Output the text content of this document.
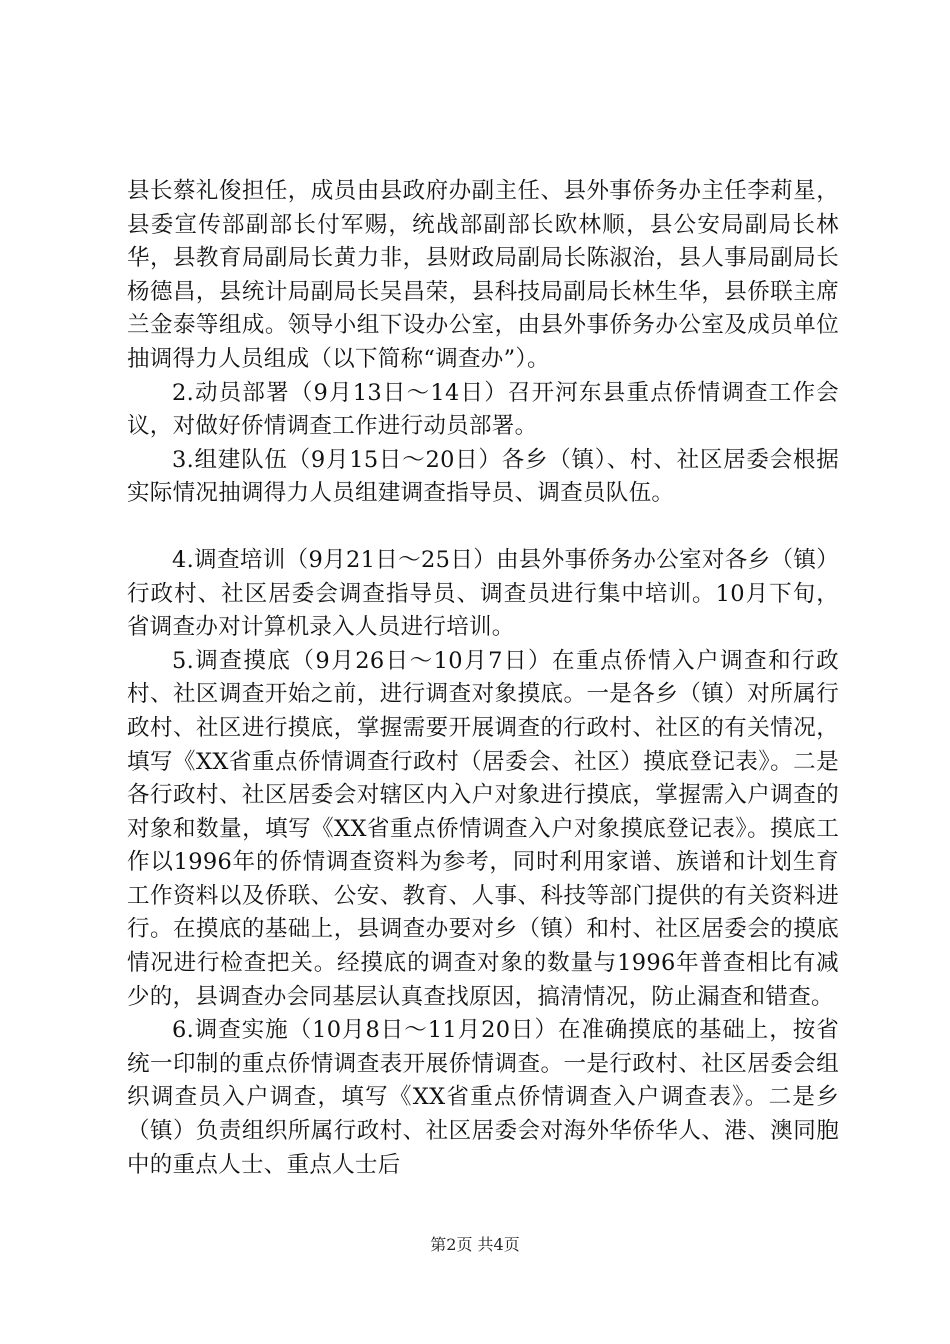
县长蔡礼俊担任，成员由县政府办副主任、县外事侨务办主任李莉星，县委宣传部副部长付军赐，统战部副部长欧林顺，县公安局副局长林华，县教育局副局长黄力非，县财政局副局长陈淑治，县人事局副局长杨德昌，县统计局副局长吴昌荣，县科技局副局长林生华，县侨联主席兰金泰等组成。领导小组下设办公室，由县外事侨务办公室及成员单位抽调得力人员组成（以下简称“调查办”）。

2.动员部署（9月13日～14日）召开河东县重点侨情调查工作会议，对做好侨情调查工作进行动员部署。

3.组建队伍（9月15日～20日）各乡（镇）、村、社区居委会根据实际情况抽调得力人员组建调查指导员、调查员队伍。

4.调查培训（9月21日～25日）由县外事侨务办公室对各乡（镇）行政村、社区居委会调查指导员、调查员进行集中培训。10月下旬，省调查办对计算机录入人员进行培训。

5.调查摸底（9月26日～10月7日）在重点侨情入户调查和行政村、社区调查开始之前，进行调查对象摸底。一是各乡（镇）对所属行政村、社区进行摸底，掌握需要开展调查的行政村、社区的有关情况，填写《XX省重点侨情调查行政村（居委会、社区）摸底登记表》。二是各行政村、社区居委会对辖区内入户对象进行摸底，掌握需入户调查的对象和数量，填写《XX省重点侨情调查入户对象摸底登记表》。摸底工作以1996年的侨情调查资料为参考，同时利用家谱、族谱和计划生育工作资料以及侨联、公安、教育、人事、科技等部门提供的有关资料进行。在摸底的基础上，县调查办要对乡（镇）和村、社区居委会的摸底情况进行检查把关。经摸底的调查对象的数量与1996年普查相比有减少的，县调查办会同基层认真查找原因，搞清情况，防止漏查和错查。

6.调查实施（10月8日～11月20日）在准确摸底的基础上，按省统一印制的重点侨情调查表开展侨情调查。一是行政村、社区居委会组织调查员入户调查，填写《XX省重点侨情调查入户调查表》。二是乡（镇）负责组织所属行政村、社区居委会对海外华侨华人、港、澳同胞中的重点人士、重点人士后

第2页 共4页
